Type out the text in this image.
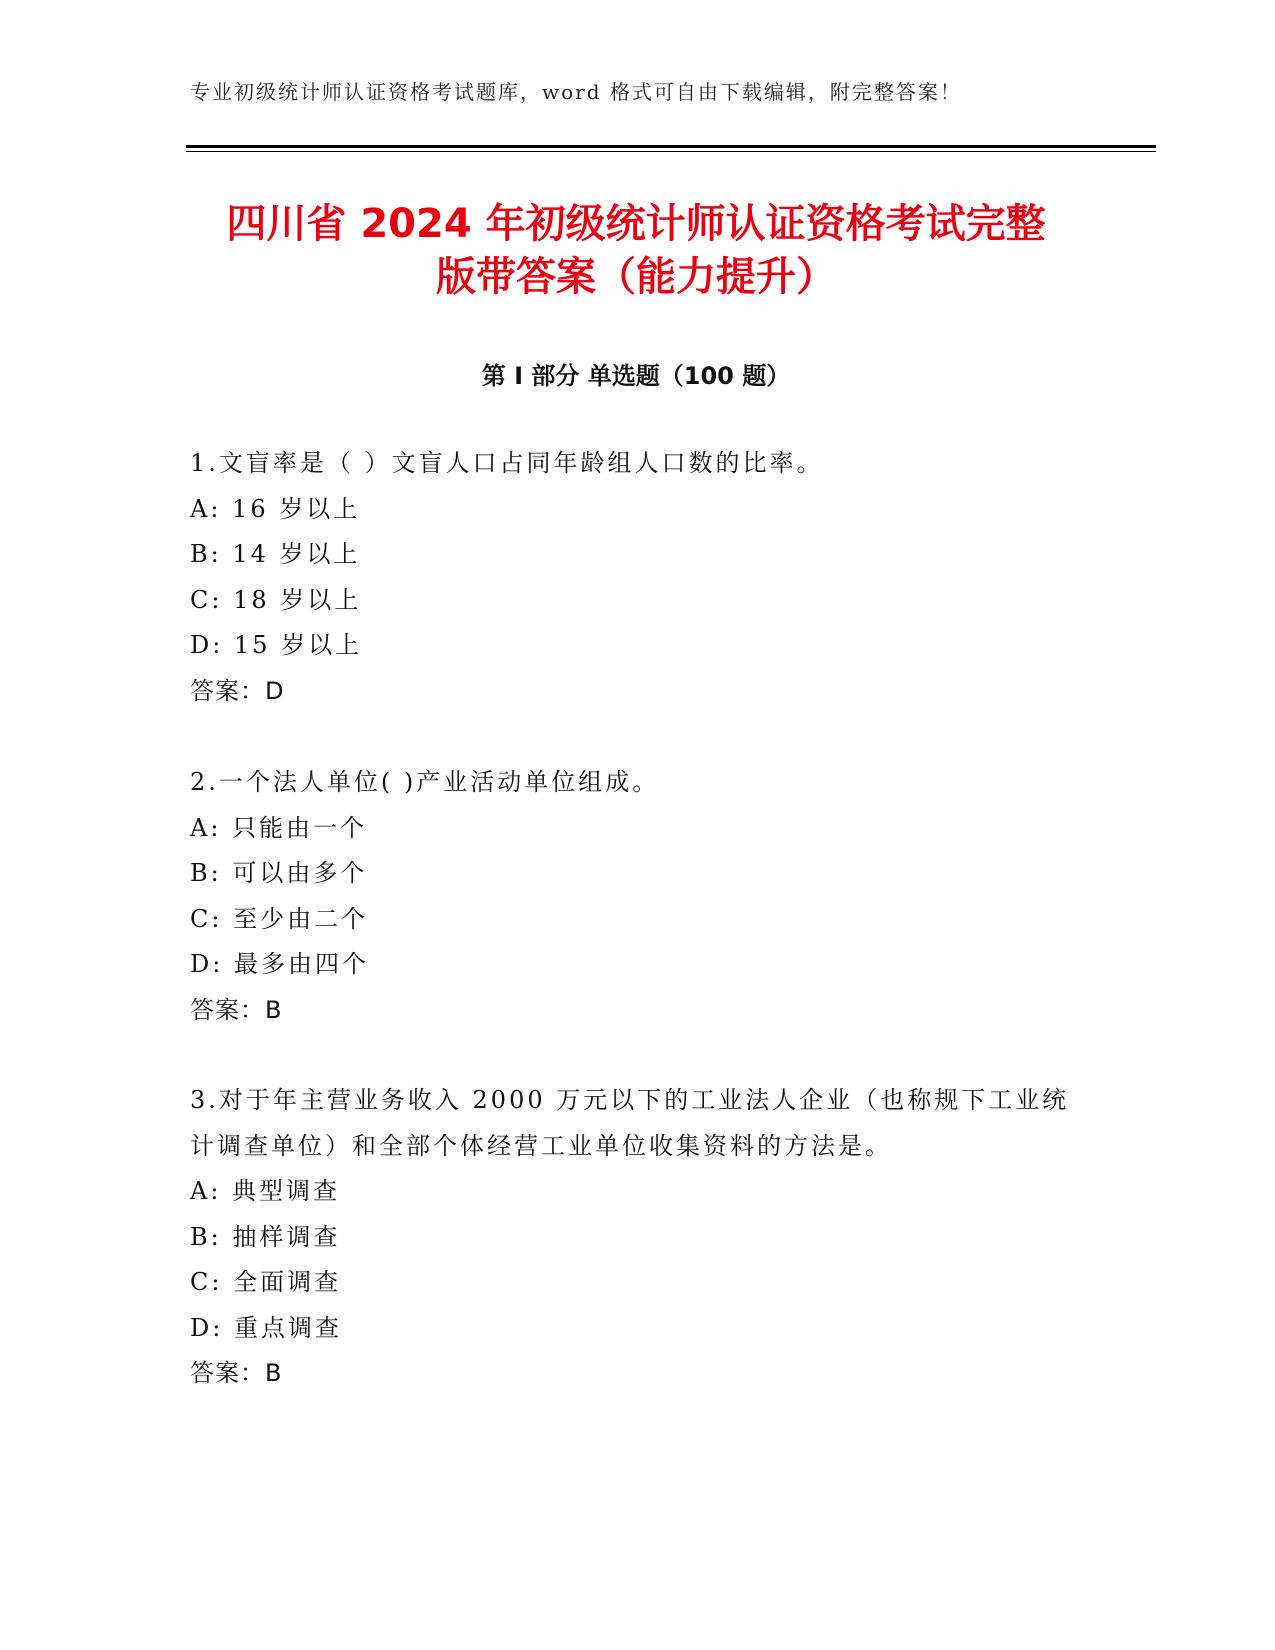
专业初级统计师认证资格考试题库，word 格式可自由下载编辑，附完整答案！
四川省 2024 年初级统计师认证资格考试完整
版带答案（能力提升）
第 I 部分 单选题（100 题）
1.文盲率是（ ）文盲人口占同年龄组人口数的比率。
A: 16 岁以上
B: 14 岁以上
C: 18 岁以上
D: 15 岁以上
答案：D
2.一个法人单位( )产业活动单位组成。
A: 只能由一个
B: 可以由多个
C: 至少由二个
D: 最多由四个
答案：B
3.对于年主营业务收入 2000 万元以下的工业法人企业（也称规下工业统计调查单位）和全部个体经营工业单位收集资料的方法是。
A: 典型调查
B: 抽样调查
C: 全面调查
D: 重点调查
答案：B
